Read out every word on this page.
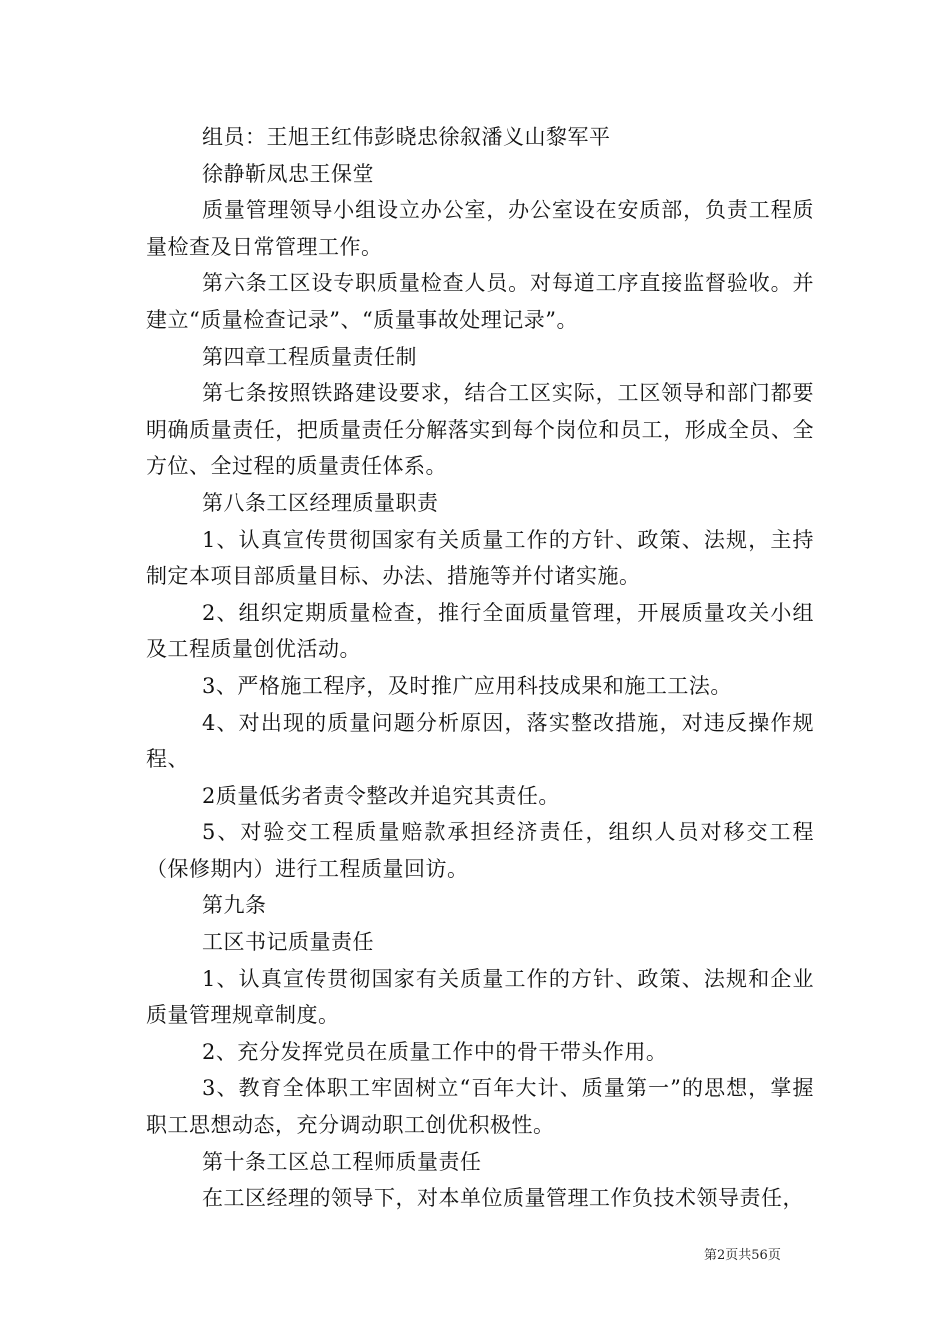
组员：王旭王红伟彭晓忠徐叙潘义山黎军平

徐静靳凤忠王保堂

质量管理领导小组设立办公室，办公室设在安质部，负责工程质量检查及日常管理工作。

第六条工区设专职质量检查人员。对每道工序直接监督验收。并建立“质量检查记录”、“质量事故处理记录”。

第四章工程质量责任制

第七条按照铁路建设要求，结合工区实际，工区领导和部门都要明确质量责任，把质量责任分解落实到每个岗位和员工，形成全员、全方位、全过程的质量责任体系。

第八条工区经理质量职责

1、认真宣传贯彻国家有关质量工作的方针、政策、法规，主持制定本项目部质量目标、办法、措施等并付诸实施。

2、组织定期质量检查，推行全面质量管理，开展质量攻关小组及工程质量创优活动。

3、严格施工程序，及时推广应用科技成果和施工工法。

4、对出现的质量问题分析原因，落实整改措施，对违反操作规程、

2质量低劣者责令整改并追究其责任。

5、对验交工程质量赔款承担经济责任，组织人员对移交工程（保修期内）进行工程质量回访。

第九条

工区书记质量责任

1、认真宣传贯彻国家有关质量工作的方针、政策、法规和企业质量管理规章制度。

2、充分发挥党员在质量工作中的骨干带头作用。

3、教育全体职工牢固树立“百年大计、质量第一”的思想，掌握职工思想动态，充分调动职工创优积极性。

第十条工区总工程师质量责任

在工区经理的领导下，对本单位质量管理工作负技术领导责任，

第2页共56页
